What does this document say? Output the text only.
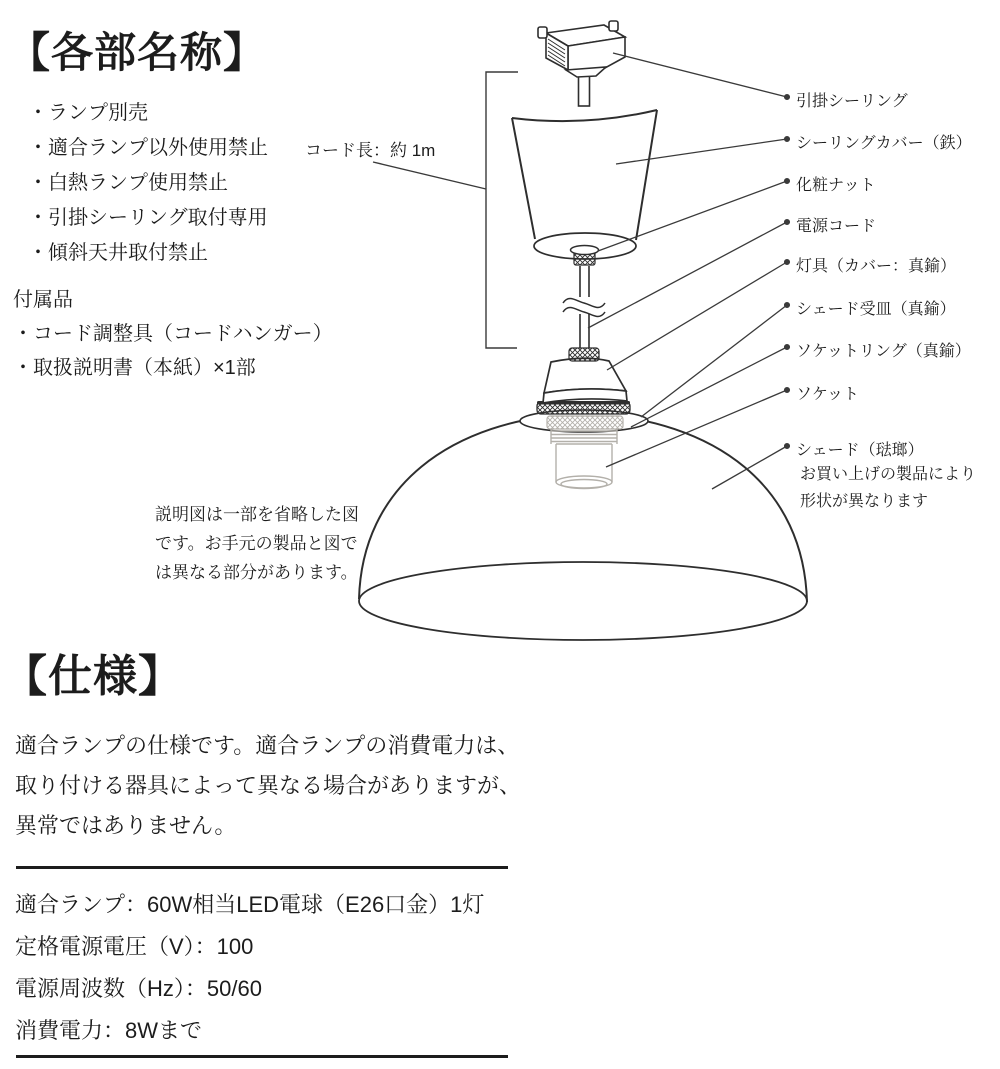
【各部名称】
・ランプ別売
・適合ランプ以外使用禁止
・白熱ランプ使用禁止
・引掛シーリング取付専用
・傾斜天井取付禁止
付属品
・コード調整具（コードハンガー）
・取扱説明書（本紙）×1部
コード長：約 1m
説明図は一部を省略した図
です。お手元の製品と図で
は異なる部分があります。
引掛シーリング
シーリングカバー（鉄）
化粧ナット
電源コード
灯具（カバー：真鍮）
シェード受皿（真鍮）
ソケットリング（真鍮）
ソケット
シェード（琺瑯）
お買い上げの製品により
形状が異なります
【仕様】
適合ランプの仕様です。適合ランプの消費電力は、
取り付ける器具によって異なる場合がありますが、
異常ではありません。
適合ランプ：60W相当LED電球（E26口金）1灯
定格電源電圧（V）：100
電源周波数（Hz）：50/60
消費電力：8Wまで
